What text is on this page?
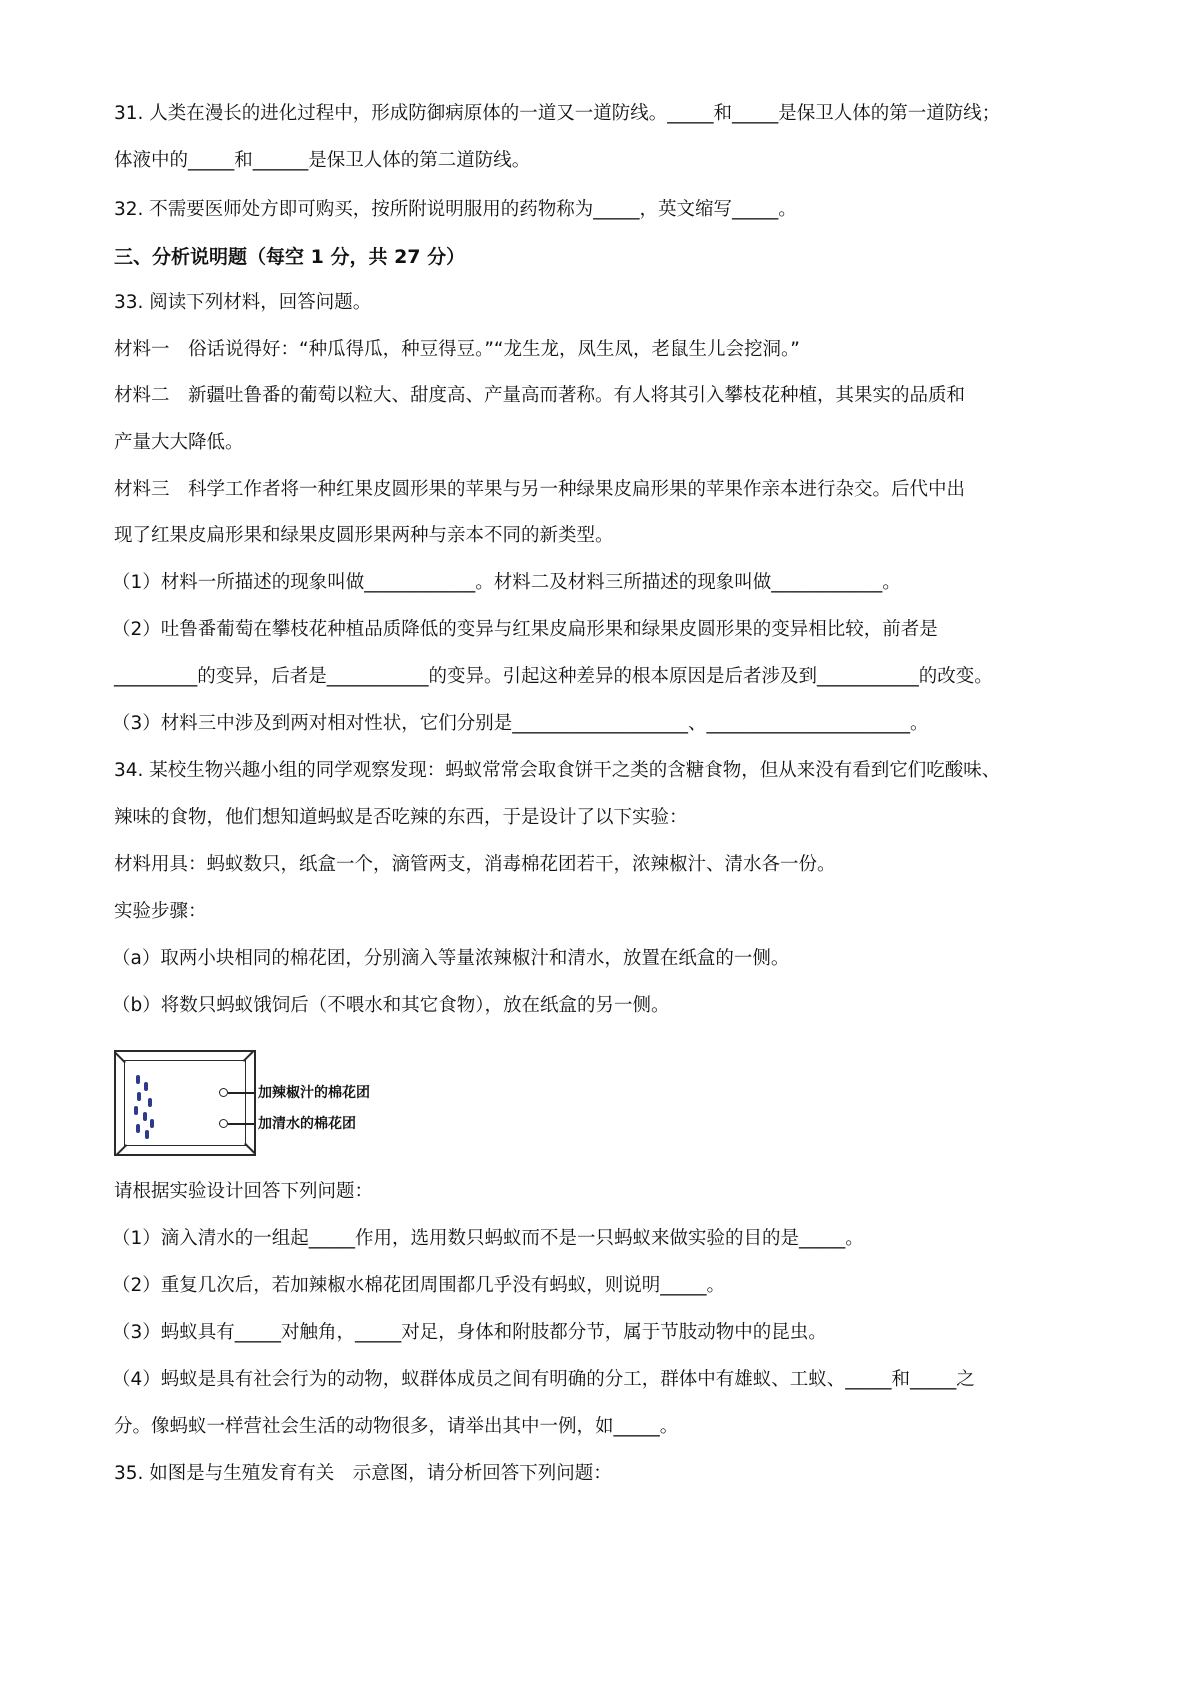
31. 人类在漫长的进化过程中，形成防御病原体的一道又一道防线。_____和_____是保卫人体的第一道防线；

体液中的_____和______是保卫人体的第二道防线。

32. 不需要医师处方即可购买，按所附说明服用的药物称为_____，英文缩写_____。

三、分析说明题（每空 1 分，共 27 分）

33. 阅读下列材料，回答问题。

材料一　俗话说得好：“种瓜得瓜，种豆得豆。”“龙生龙，凤生凤，老鼠生儿会挖洞。”

材料二　新疆吐鲁番的葡萄以粒大、甜度高、产量高而著称。有人将其引入攀枝花种植，其果实的品质和

产量大大降低。

材料三　科学工作者将一种红果皮圆形果的苹果与另一种绿果皮扁形果的苹果作亲本进行杂交。后代中出

现了红果皮扁形果和绿果皮圆形果两种与亲本不同的新类型。

（1）材料一所描述的现象叫做____________。材料二及材料三所描述的现象叫做____________。

（2）吐鲁番葡萄在攀枝花种植品质降低的变异与红果皮扁形果和绿果皮圆形果的变异相比较，前者是

_________的变异，后者是___________的变异。引起这种差异的根本原因是后者涉及到___________的改变。

（3）材料三中涉及到两对相对性状，它们分别是___________________、______________________。

34. 某校生物兴趣小组的同学观察发现：蚂蚁常常会取食饼干之类的含糖食物，但从来没有看到它们吃酸味、

辣味的食物，他们想知道蚂蚁是否吃辣的东西，于是设计了以下实验：

材料用具：蚂蚁数只，纸盒一个，滴管两支，消毒棉花团若干，浓辣椒汁、清水各一份。

实验步骤：

（a）取两小块相同的棉花团，分别滴入等量浓辣椒汁和清水，放置在纸盒的一侧。

（b）将数只蚂蚁饿饲后（不喂水和其它食物），放在纸盒的另一侧。

加辣椒汁的棉花团
加清水的棉花团

请根据实验设计回答下列问题：

（1）滴入清水的一组起_____作用，选用数只蚂蚁而不是一只蚂蚁来做实验的目的是_____。

（2）重复几次后，若加辣椒水棉花团周围都几乎没有蚂蚁，则说明_____。

（3）蚂蚁具有_____对触角，_____对足，身体和附肢都分节，属于节肢动物中的昆虫。

（4）蚂蚁是具有社会行为的动物，蚁群体成员之间有明确的分工，群体中有雄蚁、工蚁、_____和_____之

分。像蚂蚁一样营社会生活的动物很多，请举出其中一例，如_____。

35. 如图是与生殖发育有关　示意图，请分析回答下列问题：
